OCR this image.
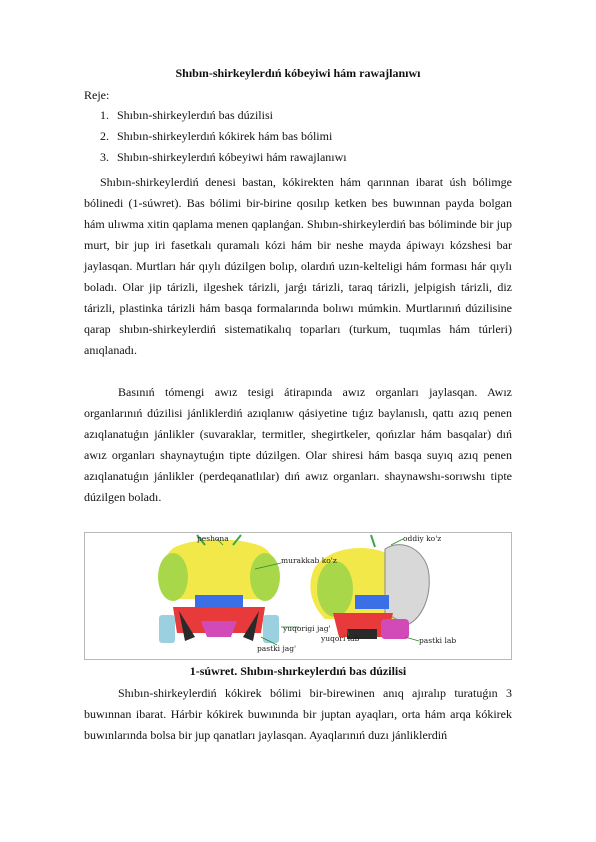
Shıbın-shirkeylerdıń kóbeyiwi hám rawajlanıwı
Reje:
1. Shıbın-shirkeylerdıń bas dúzilisi
2. Shıbın-shirkeylerdıń kókirek hám bas bólimi
3. Shıbın-shirkeylerdıń kóbeyiwi hám rawajlanıwı

Shıbın-shirkeylerdiń denesi bastan, kókirekten hám qarınnan ibarat úsh bólimge bólinedi (1-súwret). Bas bólimi bir-birine qosılıp ketken bes buwınnan payda bolgan hám ulıwma xitin qaplama menen qaplanǵan. Shıbın-shirkeylerdiń bas bóliminde bir jup murt, bir jup iri fasetkalı quramalı kózi hám bir neshe mayda ápiwayı kózshesi bar jaylasqan. Murtları hár qıylı dúzilgen bolıp, olardıń uzın-kelteligi hám forması hár qıylı boladı. Olar jip tárizli, ilgeshek tárizli, jarǵı tárizli, taraq tárizli, jelpigish tárizli, diz tárizli, plastinka tárizli hám basqa formalarında bolıwı múmkin. Murtlarınıń dúzilisine qarap shıbın-shirkeylerdiń sistematikalıq toparları (turkum, tuqımlas hám túrleri) anıqlanadı.

Basınıń tómengi awız tesigi átirapında awız organları jaylasqan. Awız organlarınıń dúzilisi jánliklerdiń azıqlanıw qásiyetine tıǵız baylanıslı, qattı azıq penen azıqlanatuǵın jánlikler (suvaraklar, termitler, shegirtkeler, qońızlar hám basqalar) dıń awız organları shaynaytuǵın tipte dúzilgen. Olar shiresi hám basqa suyıq azıq penen azıqlanatuǵın jánlikler (perdeqanatlılar) dıń awız organları. shaynawshı-sorıwshı tipte dúzilgen boladı.

peshona
murakkab ko'z
oddiy ko'z
yuqorigi jag'
yuqori lab
pastki jag'
pastki lab
1-súwret. Shıbın-shırkeylerdıń bas dúzilisi

Shıbın-shirkeylerdiń kókirek bólimi bir-birewinen anıq ajıralıp turatuǵın 3 buwınnan ibarat. Hárbir kókirek buwınında bir juptan ayaqları, orta hám arqa kókirek buwınlarında bolsa bir jup qanatları jaylasqan. Ayaqlarınıń duzı jánliklerdiń
